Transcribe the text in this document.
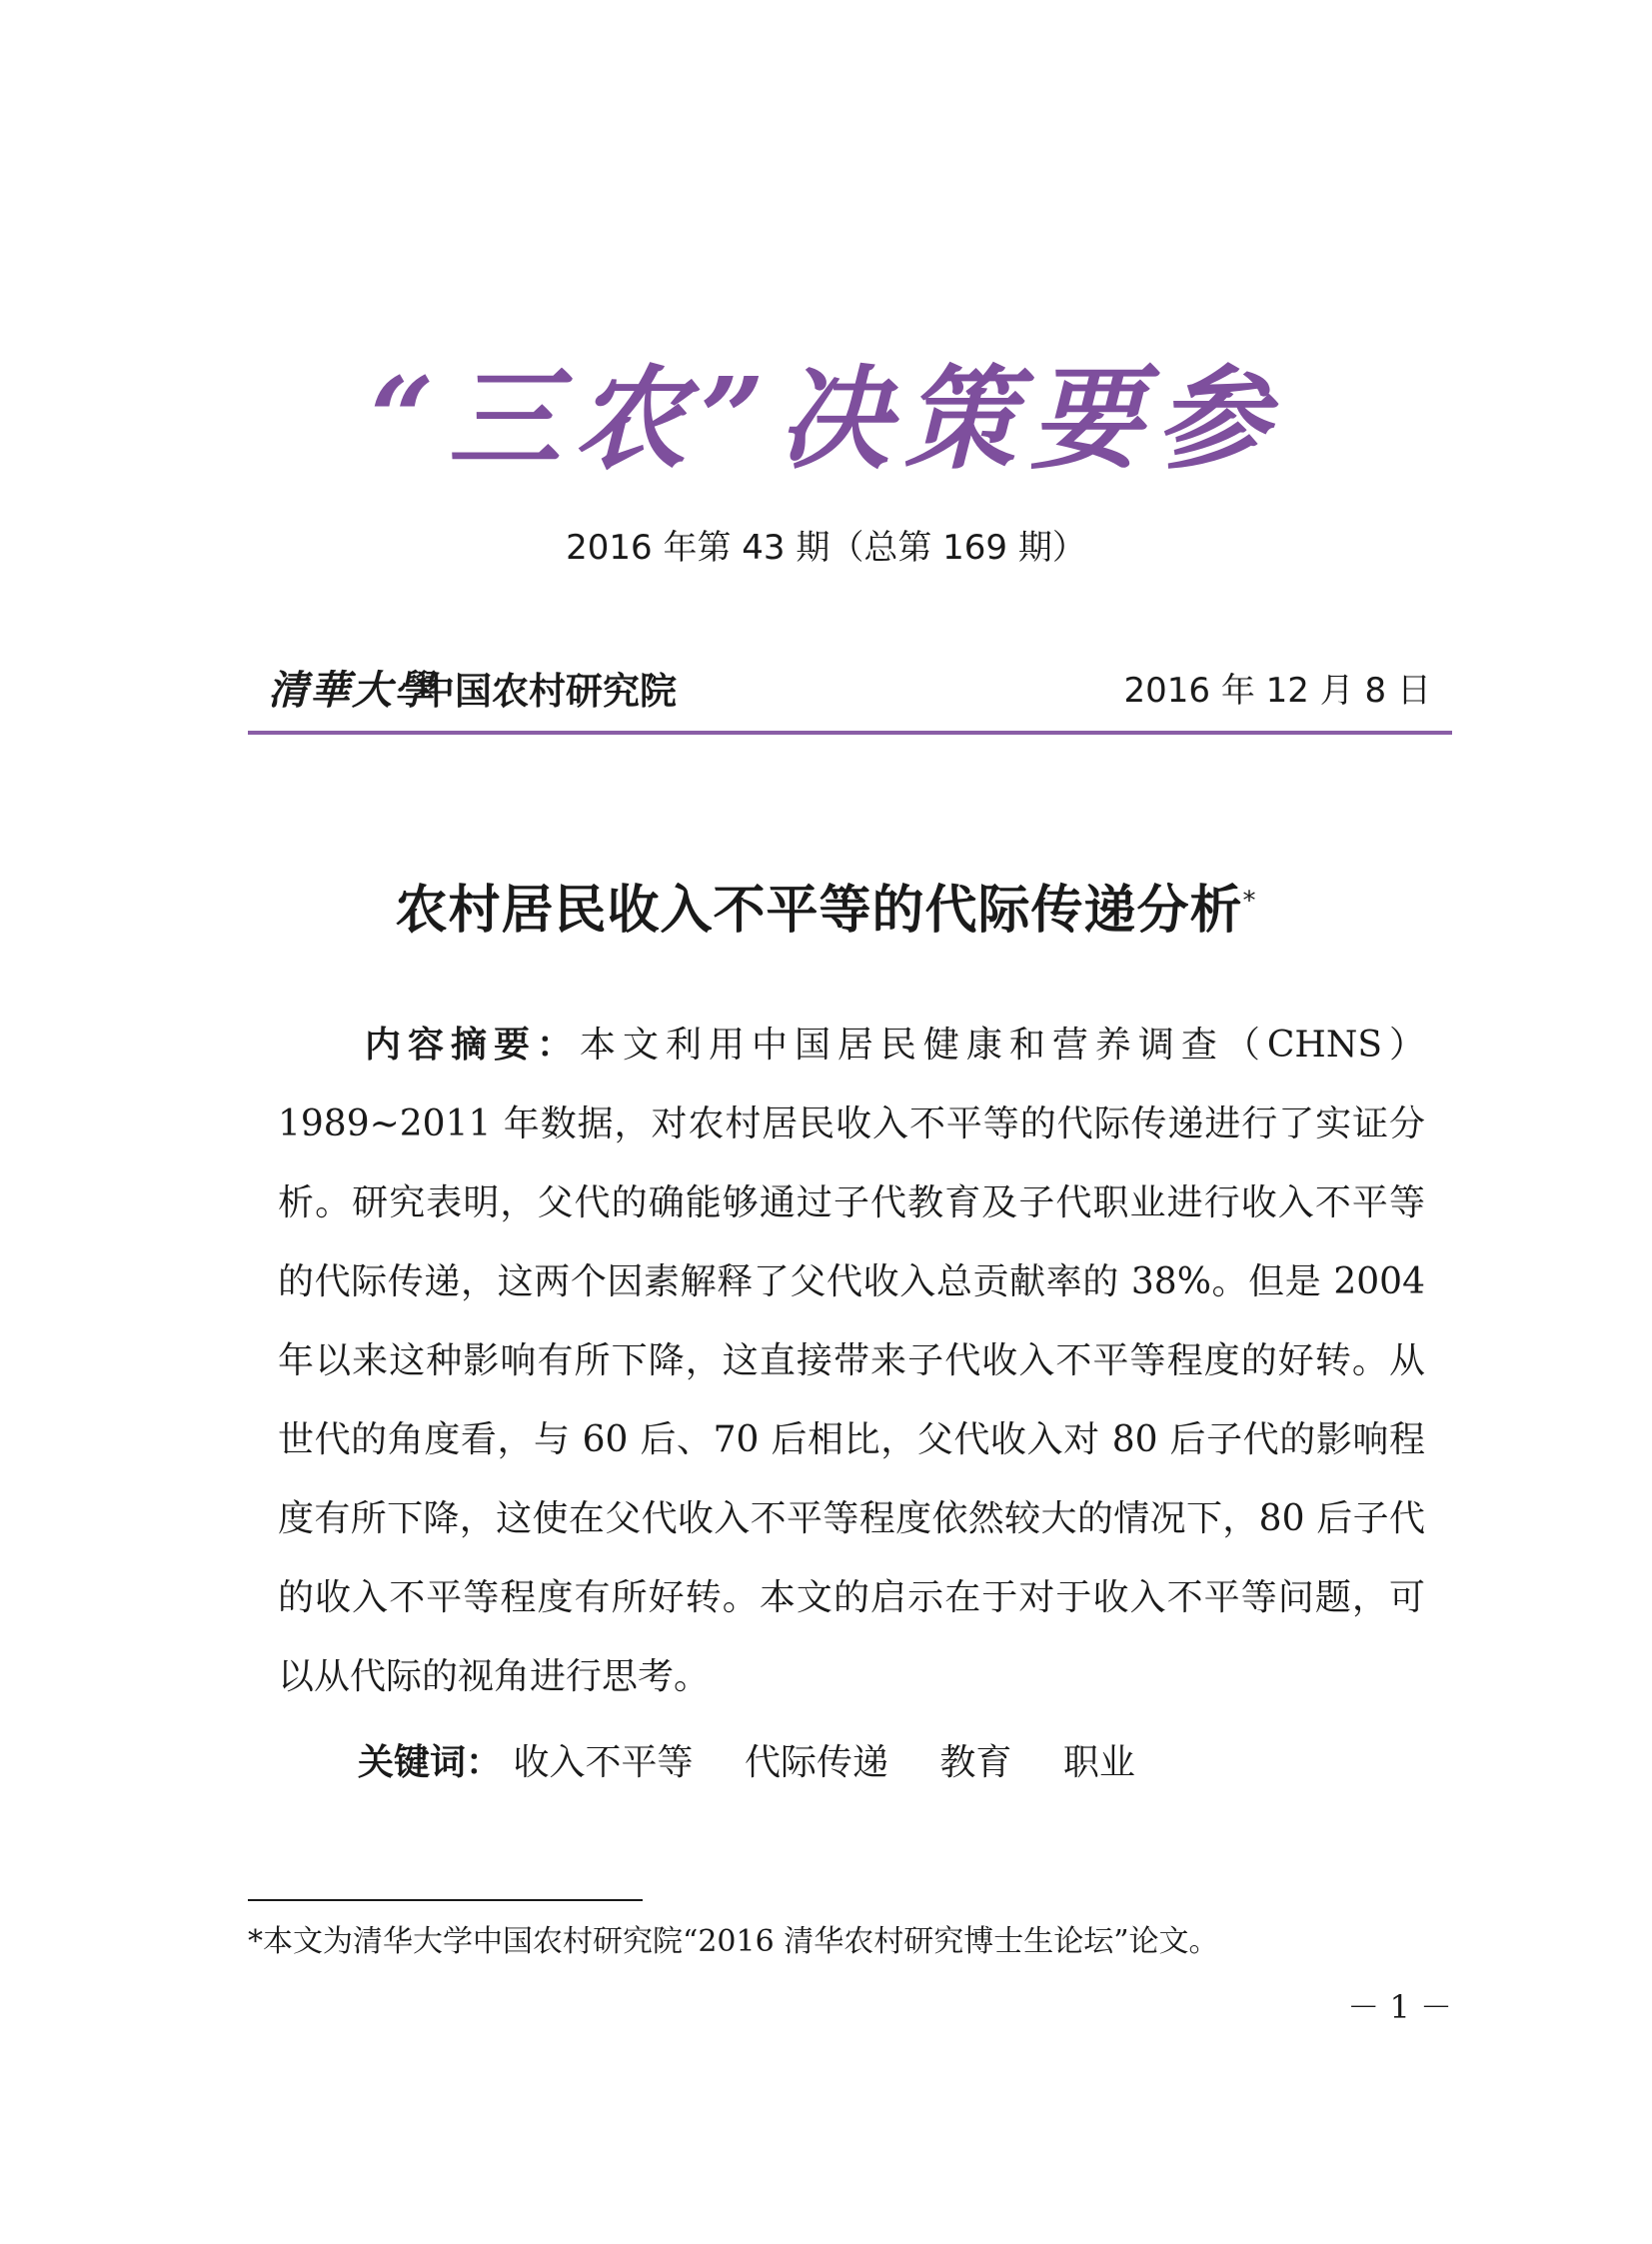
“三农”决策要参
2016 年第 43 期（总第 169 期）
清華大學
中国农村研究院	2016 年 12 月 8 日
农村居民收入不平等的代际传递分析*
内容摘要：本文利用中国居民健康和营养调查（CHNS）1989~2011 年数据，对农村居民收入不平等的代际传递进行了实证分析。研究表明，父代的确能够通过子代教育及子代职业进行收入不平等的代际传递，这两个因素解释了父代收入总贡献率的 38%。但是 2004 年以来这种影响有所下降，这直接带来子代收入不平等程度的好转。从世代的角度看，与 60 后、70 后相比，父代收入对 80 后子代的影响程度有所下降，这使在父代收入不平等程度依然较大的情况下，80 后子代的收入不平等程度有所好转。本文的启示在于对于收入不平等问题，可以从代际的视角进行思考。
关键词： 收入不平等 代际传递 教育 职业
*本文为清华大学中国农村研究院“2016 清华农村研究博士生论坛”论文。
－ 1 －
